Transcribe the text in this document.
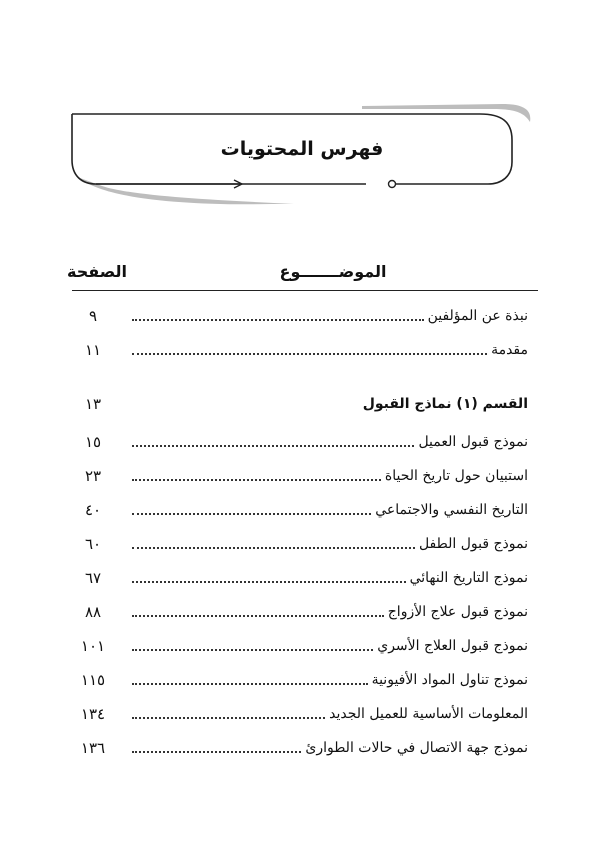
فهرس المحتويات
الموضـــــــوع
الصفحة
نبذة عن المؤلفين
٩
مقدمة
١١
القسم (١) نماذج القبول
١٣
نموذج قبول العميل
١٥
استبيان حول تاريخ الحياة
٢٣
التاريخ النفسي والاجتماعي
٤٠
نموذج قبول الطفل
٦٠
نموذج التاريخ النهائي
٦٧
نموذج قبول علاج الأزواج
٨٨
نموذج قبول العلاج الأسري
١٠١
نموذج تناول المواد الأفيونية
١١٥
المعلومات الأساسية للعميل الجديد
١٣٤
نموذج جهة الاتصال في حالات الطوارئ
١٣٦
